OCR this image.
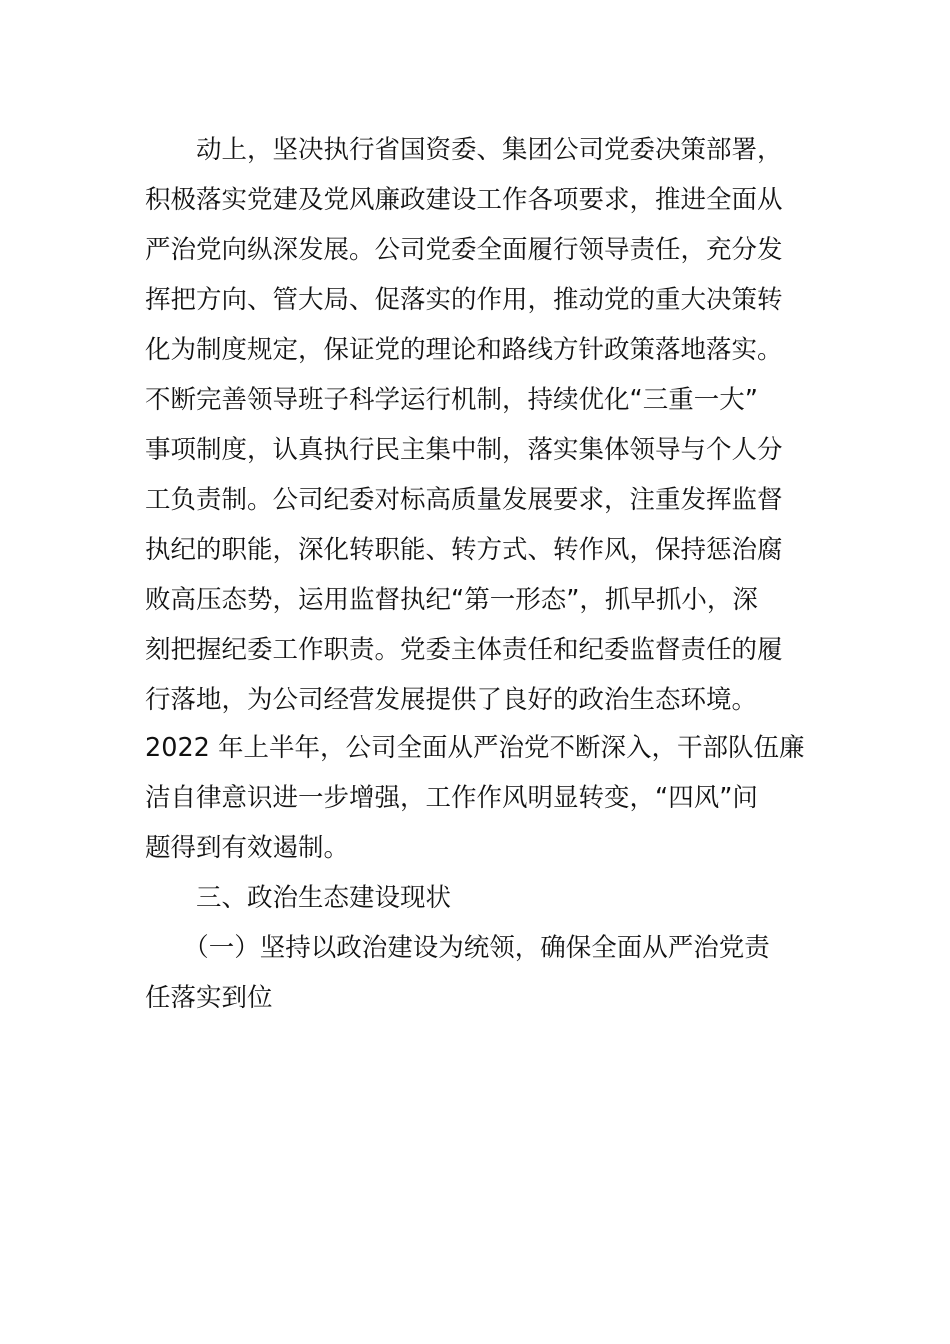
　　动上，坚决执行省国资委、集团公司党委决策部署，
积极落实党建及党风廉政建设工作各项要求，推进全面从
严治党向纵深发展。公司党委全面履行领导责任，充分发
挥把方向、管大局、促落实的作用，推动党的重大决策转
化为制度规定，保证党的理论和路线方针政策落地落实。
不断完善领导班子科学运行机制，持续优化“三重一大”
事项制度，认真执行民主集中制，落实集体领导与个人分
工负责制。公司纪委对标高质量发展要求，注重发挥监督
执纪的职能，深化转职能、转方式、转作风，保持惩治腐
败高压态势，运用监督执纪“第一形态”，抓早抓小，深
刻把握纪委工作职责。党委主体责任和纪委监督责任的履
行落地，为公司经营发展提供了良好的政治生态环境。
2022 年上半年，公司全面从严治党不断深入，干部队伍廉
洁自律意识进一步增强，工作作风明显转变，“四风”问
题得到有效遏制。
　　三、政治生态建设现状
　　（一）坚持以政治建设为统领，确保全面从严治党责
任落实到位
